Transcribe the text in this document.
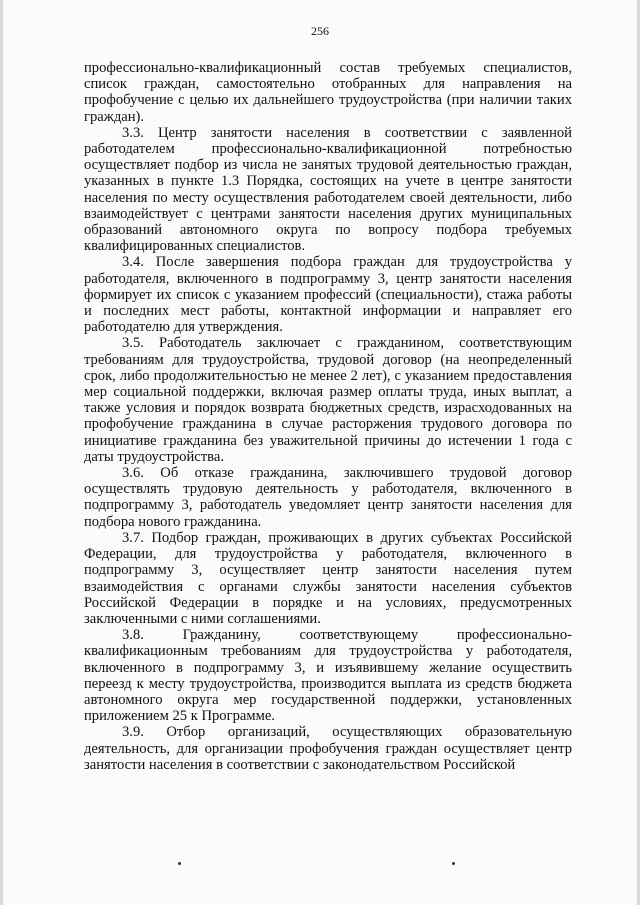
256

профессионально-квалификационный состав требуемых специалистов, список граждан, самостоятельно отобранных для направления на профобучение с целью их дальнейшего трудоустройства (при наличии таких граждан).

3.3. Центр занятости населения в соответствии с заявленной работодателем профессионально-квалификационной потребностью осуществляет подбор из числа не занятых трудовой деятельностью граждан, указанных в пункте 1.3 Порядка, состоящих на учете в центре занятости населения по месту осуществления работодателем своей деятельности, либо взаимодействует с центрами занятости населения других муниципальных образований автономного округа по вопросу подбора требуемых квалифицированных специалистов.

3.4. После завершения подбора граждан для трудоустройства у работодателя, включенного в подпрограмму 3, центр занятости населения формирует их список с указанием профессий (специальности), стажа работы и последних мест работы, контактной информации и направляет его работодателю для утверждения.

3.5. Работодатель заключает с гражданином, соответствующим требованиям для трудоустройства, трудовой договор (на неопределенный срок, либо продолжительностью не менее 2 лет), с указанием предоставления мер социальной поддержки, включая размер оплаты труда, иных выплат, а также условия и порядок возврата бюджетных средств, израсходованных на профобучение гражданина в случае расторжения трудового договора по инициативе гражданина без уважительной причины до истечении 1 года с даты трудоустройства.

3.6. Об отказе гражданина, заключившего трудовой договор осуществлять трудовую деятельность у работодателя, включенного в подпрограмму 3, работодатель уведомляет центр занятости населения для подбора нового гражданина.

3.7. Подбор граждан, проживающих в других субъектах Российской Федерации, для трудоустройства у работодателя, включенного в подпрограмму 3, осуществляет центр занятости населения путем взаимодействия с органами службы занятости населения субъектов Российской Федерации в порядке и на условиях, предусмотренных заключенными с ними соглашениями.

3.8. Гражданину, соответствующему профессионально-квалификационным требованиям для трудоустройства у работодателя, включенного в подпрограмму 3, и изъявившему желание осуществить переезд к месту трудоустройства, производится выплата из средств бюджета автономного округа мер государственной поддержки, установленных приложением 25 к Программе.

3.9. Отбор организаций, осуществляющих образовательную деятельность, для организации профобучения граждан осуществляет центр занятости населения в соответствии с законодательством Российской
